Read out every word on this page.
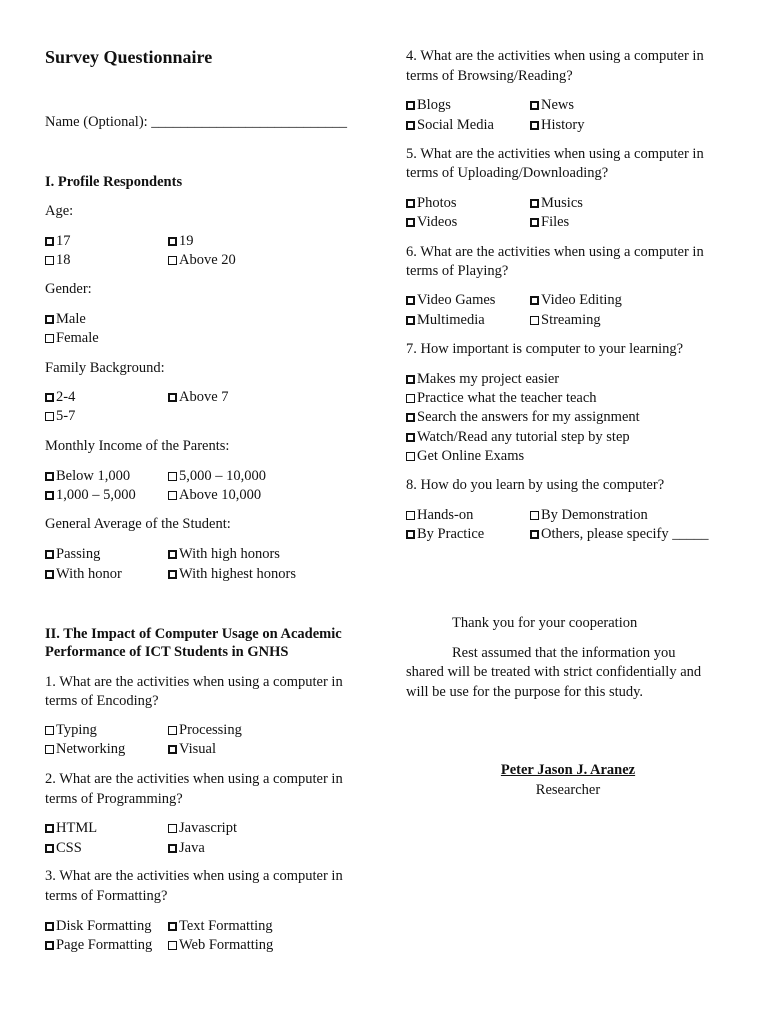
Survey Questionnaire
Name (Optional): ___________________________
I. Profile Respondents
Age:
17	19
18	Above 20
Gender:
Male
Female
Family Background:
2-4	Above 7
5-7
Monthly Income of the Parents:
Below 1,000	5,000 – 10,000
1,000 – 5,000	Above 10,000
General Average of the Student:
Passing	With high honors
With honor	With highest honors
II. The Impact of Computer Usage on Academic
Performance of ICT Students in GNHS
1. What are the activities when using a computer in
terms of Encoding?
Typing	Processing
Networking	Visual
2. What are the activities when using a computer in
terms of Programming?
HTML	Javascript
CSS	Java
3. What are the activities when using a computer in
terms of Formatting?
Disk Formatting	Text Formatting
Page Formatting	Web Formatting
4. What are the activities when using a computer in
terms of Browsing/Reading?
Blogs	News
Social Media	History
5. What are the activities when using a computer in
terms of Uploading/Downloading?
Photos	Musics
Videos	Files
6. What are the activities when using a computer in
terms of Playing?
Video Games	Video Editing
Multimedia	Streaming
7. How important is computer to your learning?
Makes my project easier
Practice what the teacher teach
Search the answers for my assignment
Watch/Read any tutorial step by step
Get Online Exams
8. How do you learn by using the computer?
Hands-on	By Demonstration
By Practice	Others, please specify _____
Thank you for your cooperation
Rest assumed that the information you
shared will be treated with strict confidentially and
will be use for the purpose for this study.
Peter Jason J. Aranez
Researcher
